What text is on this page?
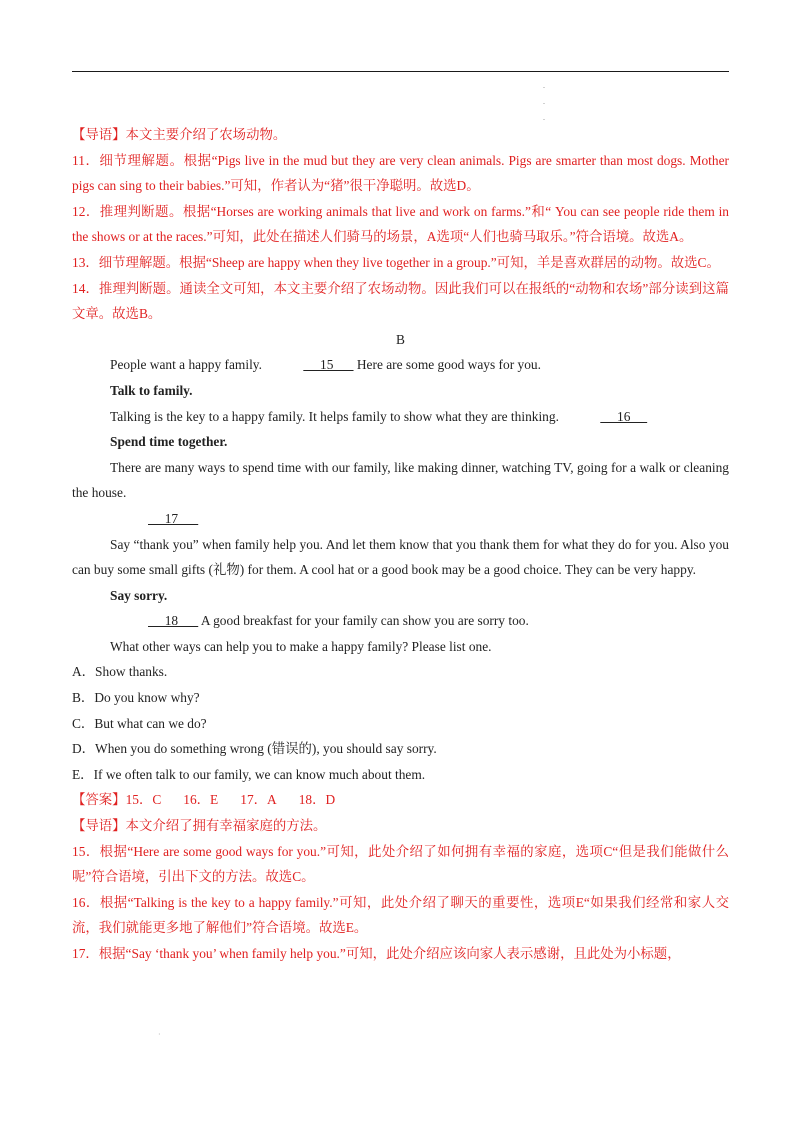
.
.
.

【导语】本文主要介绍了农场动物。

11．细节理解题。根据“Pigs live in the mud but they are very clean animals. Pigs are smarter than most dogs. Mother pigs can sing to their babies.”可知，作者认为“猪”很干净聪明。故选D。

12．推理判断题。根据“Horses are working animals that live and work on farms.”和“ You can see people ride them in the shows or at the races.”可知，此处在描述人们骑马的场景，A选项“人们也骑马取乐。”符合语境。故选A。

13．细节理解题。根据“Sheep are happy when they live together in a group.”可知，羊是喜欢群居的动物。故选C。

14．推理判断题。通读全文可知，本文主要介绍了农场动物。因此我们可以在报纸的“动物和农场”部分读到这篇文章。故选B。

B

People want a happy family.	15       Here are some good ways for you.

Talk to family.

Talking is the key to a happy family. It helps family to show what they are thinking.	16

Spend time together.

There are many ways to spend time with our family, like making dinner, watching TV, going for a walk or cleaning the house.

17

Say “thank you” when family help you. And let them know that you thank them for what they do for you. Also you can buy some small gifts (礼物) for them. A cool hat or a good book may be a good choice. They can be very happy.

Say sorry.

18       A good breakfast for your family can show you are sorry too.

What other ways can help you to make a happy family? Please list one.

A．Show thanks.

B．Do you know why?

C．But what can we do?

D．When you do something wrong (错误的), you should say sorry.

E．If we often talk to our family, we can know much about them.

【答案】15．C 16．E 17．A 18．D

【导语】本文介绍了拥有幸福家庭的方法。

15．根据“Here are some good ways for you.”可知，此处介绍了如何拥有幸福的家庭，选项C“但是我们能做什么呢”符合语境，引出下文的方法。故选C。

16．根据“Talking is the key to a happy family.”可知，此处介绍了聊天的重要性，选项E“如果我们经常和家人交流，我们就能更多地了解他们”符合语境。故选E。

17．根据“Say ‘thank you’ when family help you.”可知，此处介绍应该向家人表示感谢，且此处为小标题，

·
